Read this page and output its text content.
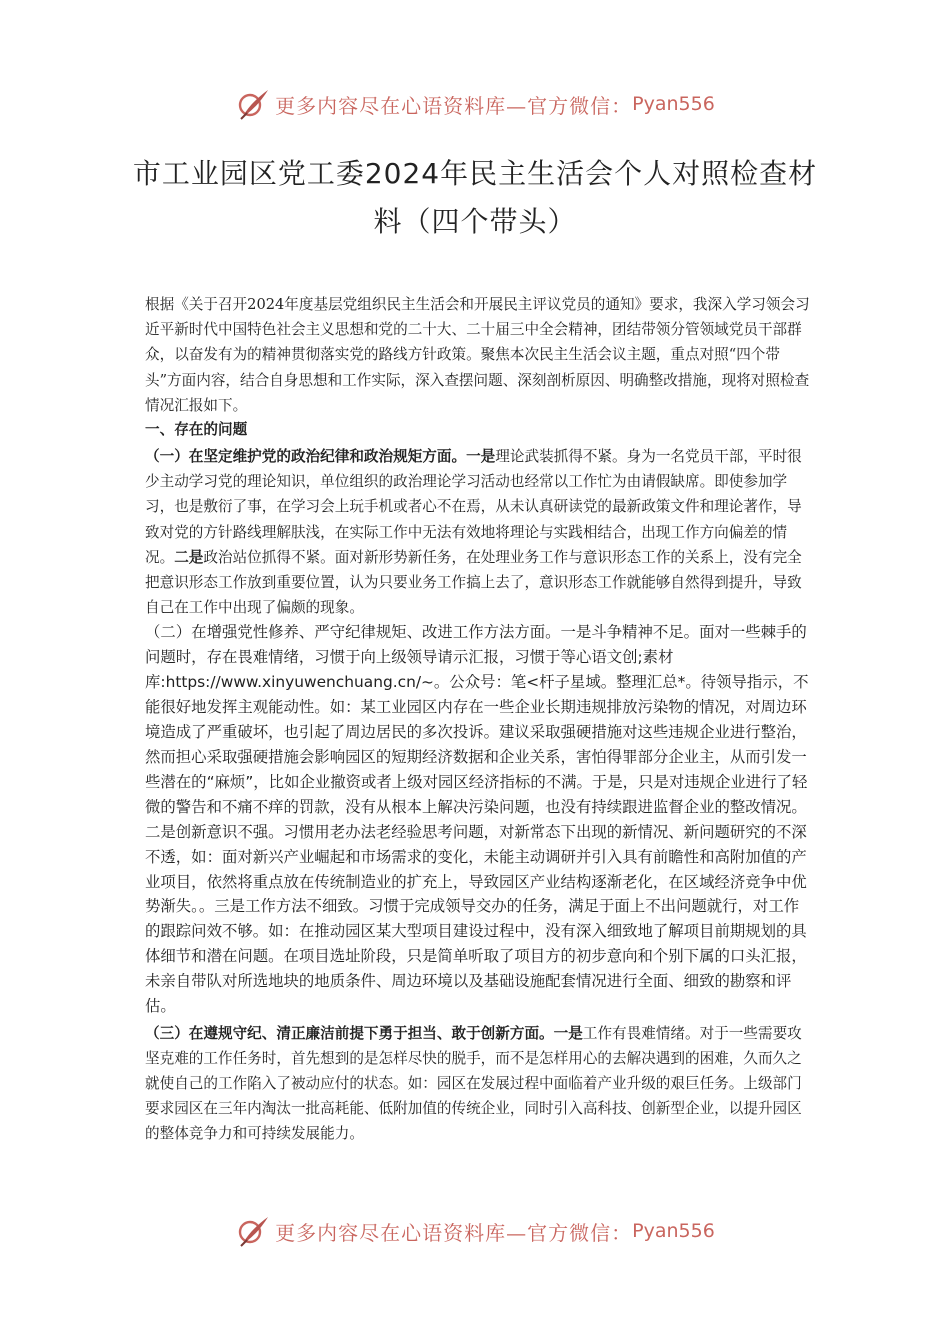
更多内容尽在心语资料库—官方微信： Pyan556
市工业园区党工委2024年民主生活会个人对照检查材料（四个带头）

根据《关于召开2024年度基层党组织民主生活会和开展民主评议党员的通知》要求，我深入学习领会习近平新时代中国特色社会主义思想和党的二十大、二十届三中全会精神，团结带领分管领域党员干部群众，以奋发有为的精神贯彻落实党的路线方针政策。聚焦本次民主生活会议主题，重点对照“四个带头”方面内容，结合自身思想和工作实际，深入查摆问题、深刻剖析原因、明确整改措施，现将对照检查情况汇报如下。

一、存在的问题

（一）在坚定维护党的政治纪律和政治规矩方面。一是理论武装抓得不紧。身为一名党员干部，平时很少主动学习党的理论知识，单位组织的政治理论学习活动也经常以工作忙为由请假缺席。即使参加学习，也是敷衍了事，在学习会上玩手机或者心不在焉，从未认真研读党的最新政策文件和理论著作，导致对党的方针路线理解肤浅，在实际工作中无法有效地将理论与实践相结合，出现工作方向偏差的情况。二是政治站位抓得不紧。面对新形势新任务，在处理业务工作与意识形态工作的关系上，没有完全把意识形态工作放到重要位置，认为只要业务工作搞上去了，意识形态工作就能够自然得到提升，导致自己在工作中出现了偏颇的现象。

（二）在增强党性修养、严守纪律规矩、改进工作方法方面。一是斗争精神不足。面对一些棘手的问题时，存在畏难情绪，习惯于向上级领导请示汇报，习惯于等心语文创;素材库:https://www.xinyuwenchuang.cn/~。公众号：笔<杆子星域。整理汇总*。待领导指示，不能很好地发挥主观能动性。如：某工业园区内存在一些企业长期违规排放污染物的情况，对周边环境造成了严重破坏，也引起了周边居民的多次投诉。建议采取强硬措施对这些违规企业进行整治，然而担心采取强硬措施会影响园区的短期经济数据和企业关系，害怕得罪部分企业主，从而引发一些潜在的“麻烦”，比如企业撤资或者上级对园区经济指标的不满。于是，只是对违规企业进行了轻微的警告和不痛不痒的罚款，没有从根本上解决污染问题，也没有持续跟进监督企业的整改情况。二是创新意识不强。习惯用老办法老经验思考问题，对新常态下出现的新情况、新问题研究的不深不透，如：面对新兴产业崛起和市场需求的变化，未能主动调研并引入具有前瞻性和高附加值的产业项目，依然将重点放在传统制造业的扩充上，导致园区产业结构逐渐老化，在区域经济竞争中优势渐失。。三是工作方法不细致。习惯于完成领导交办的任务，满足于面上不出问题就行，对工作的跟踪问效不够。如：在推动园区某大型项目建设过程中，没有深入细致地了解项目前期规划的具体细节和潜在问题。在项目选址阶段，只是简单听取了项目方的初步意向和个别下属的口头汇报，未亲自带队对所选地块的地质条件、周边环境以及基础设施配套情况进行全面、细致的勘察和评估。

（三）在遵规守纪、清正廉洁前提下勇于担当、敢于创新方面。一是工作有畏难情绪。对于一些需要攻坚克难的工作任务时，首先想到的是怎样尽快的脱手，而不是怎样用心的去解决遇到的困难，久而久之就使自己的工作陷入了被动应付的状态。如：园区在发展过程中面临着产业升级的艰巨任务。上级部门要求园区在三年内淘汰一批高耗能、低附加值的传统企业，同时引入高科技、创新型企业，以提升园区的整体竞争力和可持续发展能力。

更多内容尽在心语资料库—官方微信： Pyan556
